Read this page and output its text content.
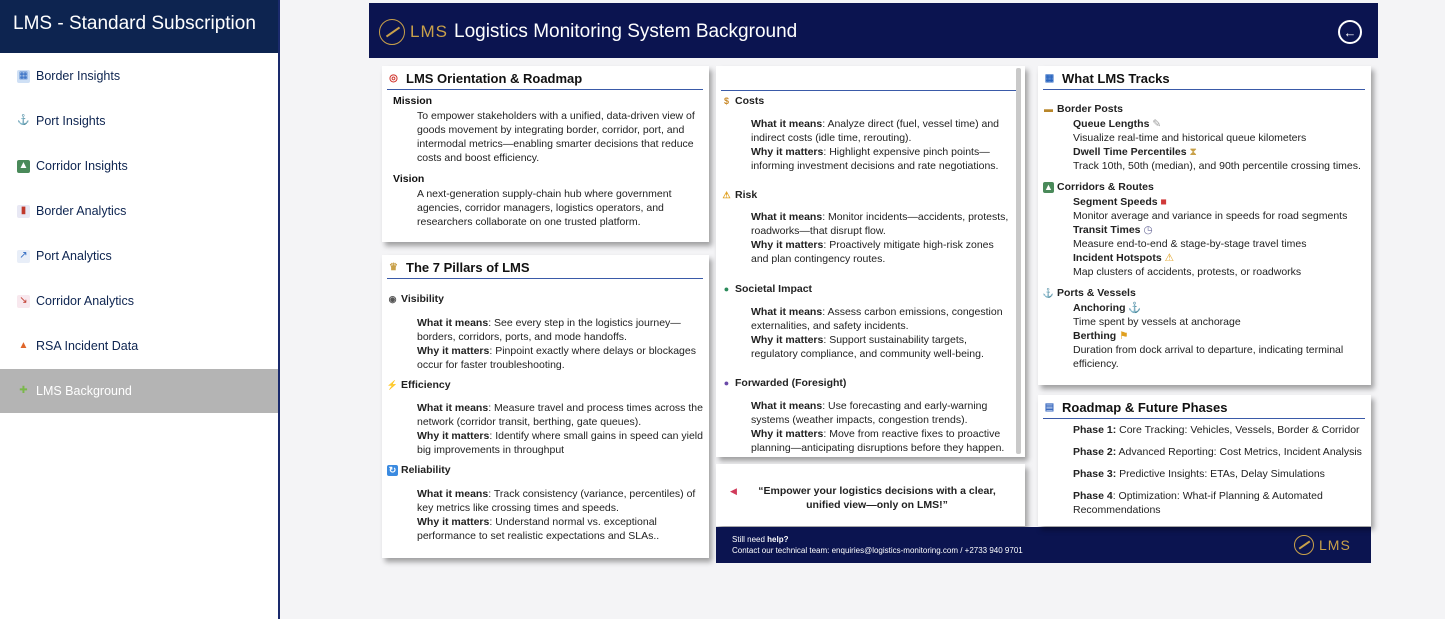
LMS - Standard Subscription
▦ Border Insights
⚓ Port Insights
▲ Corridor Insights
▮ Border Analytics
↗ Port Analytics
↘ Corridor Analytics
▲ RSA Incident Data
✚ LMS Background
LMS Logistics Monitoring System Background	←
◎ LMS Orientation & Roadmap
Mission
To empower stakeholders with a unified, data-driven view of goods movement by integrating border, corridor, port, and intermodal metrics—enabling smarter decisions that reduce costs and boost efficiency.
Vision
A next-generation supply-chain hub where government agencies, corridor managers, logistics operators, and researchers collaborate on one trusted platform.
♛ The 7 Pillars of LMS
◉ Visibility
What it means: See every step in the logistics journey—borders, corridors, ports, and mode handoffs.
Why it matters: Pinpoint exactly where delays or blockages occur for faster troubleshooting.
⚡ Efficiency
What it means: Measure travel and process times across the network (corridor transit, berthing, gate queues).
Why it matters: Identify where small gains in speed can yield big improvements in throughput
↻ Reliability
What it means: Track consistency (variance, percentiles) of key metrics like crossing times and speeds.
Why it matters: Understand normal vs. exceptional performance to set realistic expectations and SLAs..
$ Costs
What it means: Analyze direct (fuel, vessel time) and indirect costs (idle time, rerouting).
Why it matters: Highlight expensive pinch points—informing investment decisions and rate negotiations.
⚠ Risk
What it means: Monitor incidents—accidents, protests, roadworks—that disrupt flow.
Why it matters: Proactively mitigate high-risk zones and plan contingency routes.
● Societal Impact
What it means: Assess carbon emissions, congestion externalities, and safety incidents.
Why it matters: Support sustainability targets, regulatory compliance, and community well-being.
● Forwarded (Foresight)
What it means: Use forecasting and early-warning systems (weather impacts, congestion trends).
Why it matters: Move from reactive fixes to proactive planning—anticipating disruptions before they happen.
◀	“Empower your logistics decisions with a clear, unified view—only on LMS!”
Still need help?
Contact our technical team: enquiries@logistics-monitoring.com / +2733 940 9701	LMS
▦ What LMS Tracks
▬ Border Posts
Queue Lengths ✎
Visualize real-time and historical queue kilometers
Dwell Time Percentiles ⧗
Track 10th, 50th (median), and 90th percentile crossing times.
▲ Corridors & Routes
Segment Speeds ■
Monitor average and variance in speeds for road segments
Transit Times ◷
Measure end-to-end & stage-by-stage travel times
Incident Hotspots ⚠
Map clusters of accidents, protests, or roadworks
⚓ Ports & Vessels
Anchoring ⚓
Time spent by vessels at anchorage
Berthing ⚑
Duration from dock arrival to departure, indicating terminal efficiency.
▤ Roadmap & Future Phases
Phase 1: Core Tracking: Vehicles, Vessels, Border & Corridor
Phase 2: Advanced Reporting: Cost Metrics, Incident Analysis
Phase 3: Predictive Insights: ETAs, Delay Simulations
Phase 4: Optimization: What-if Planning & Automated Recommendations
